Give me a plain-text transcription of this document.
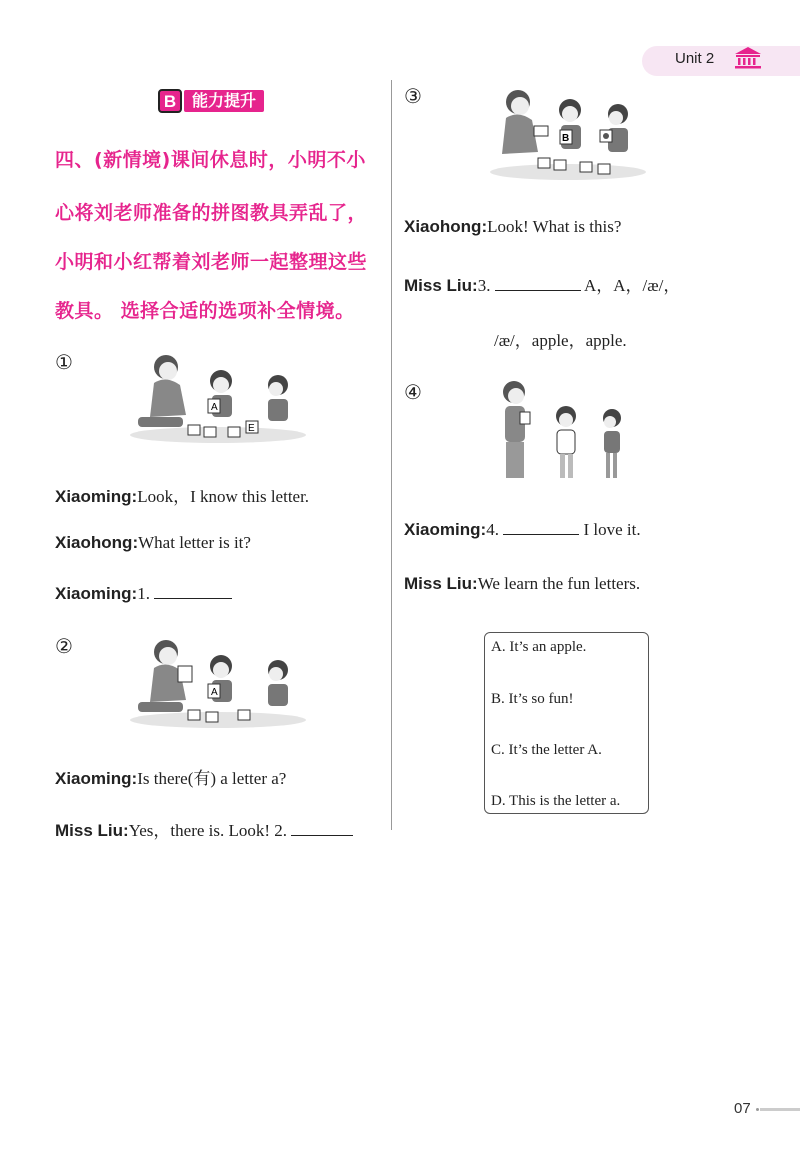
Unit 2
B 能力提升
四、(新情境)课间休息时，小明不小
心将刘老师准备的拼图教具弄乱了，
小明和小红帮着刘老师一起整理这些
教具。 选择合适的选项补全情境。
①
A
E
Xiaoming:Look，I know this letter.
Xiaohong:What letter is it?
Xiaoming:1.
②
A
Xiaoming:Is there(有) a letter a?
Miss Liu:Yes，there is. Look! 2.
③
B
Xiaohong:Look! What is this?
Miss Liu:3.	A，A，/æ/，
/æ/，apple，apple.
④
Xiaoming:4.	I love it.
Miss Liu:We learn the fun letters.
A. It’s an apple.
B. It’s so fun!
C. It’s the letter A.
D. This is the letter a.
07
